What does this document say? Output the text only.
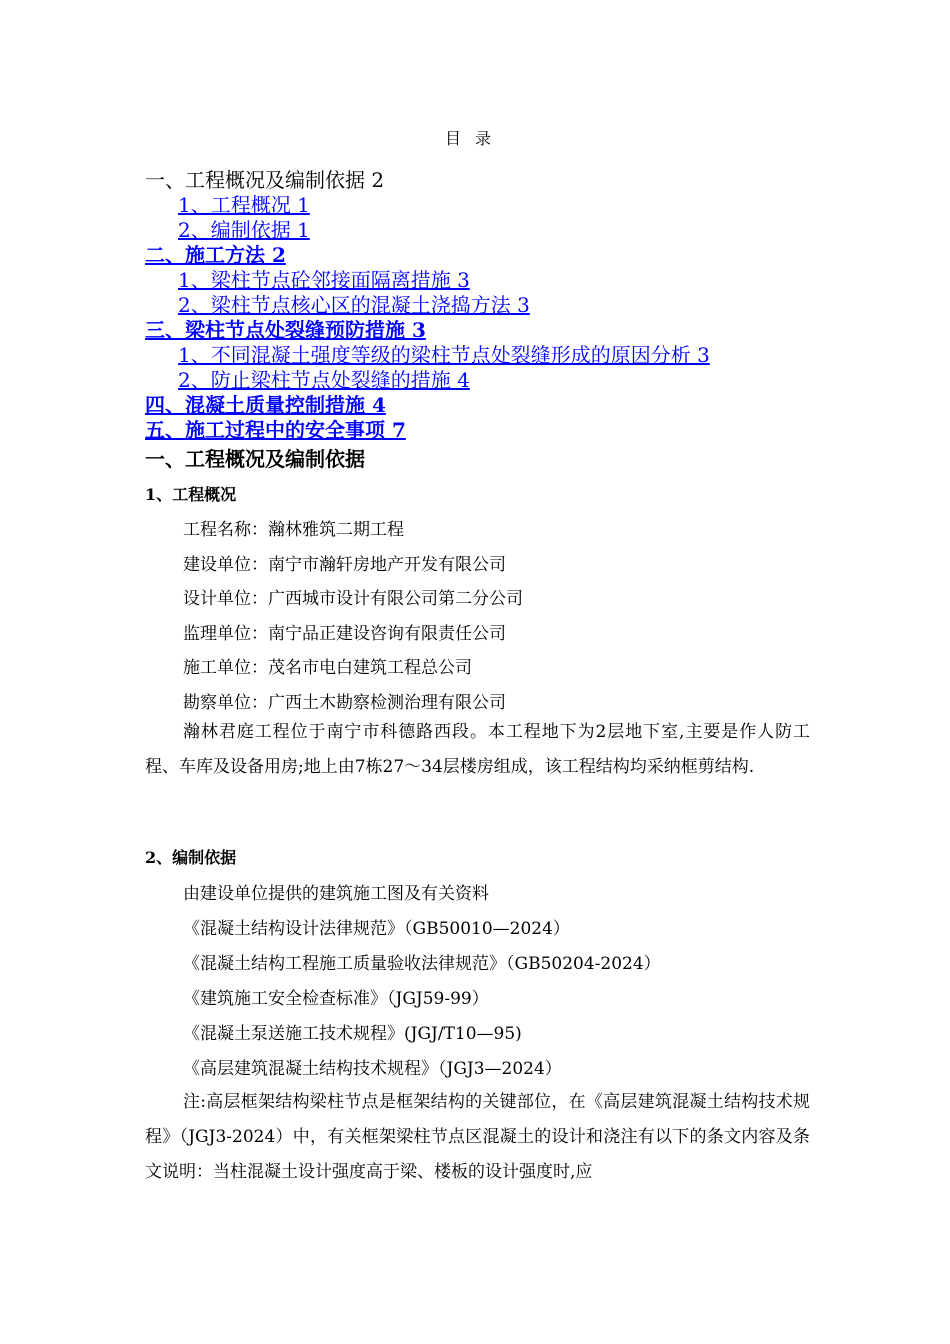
目录
一、工程概况及编制依据 2
1、工程概况 1
2、编制依据 1
二、施工方法 2
1、梁柱节点砼邻接面隔离措施 3
2、梁柱节点核心区的混凝土浇捣方法 3
三、梁柱节点处裂缝预防措施 3
1、不同混凝土强度等级的梁柱节点处裂缝形成的原因分析 3
2、防止梁柱节点处裂缝的措施 4
四、混凝土质量控制措施 4
五、施工过程中的安全事项 7
一、工程概况及编制依据
1、工程概况
工程名称：瀚林雅筑二期工程
建设单位：南宁市瀚轩房地产开发有限公司
设计单位：广西城市设计有限公司第二分公司
监理单位：南宁品正建设咨询有限责任公司
施工单位：茂名市电白建筑工程总公司
勘察单位：广西土木勘察检测治理有限公司
瀚林君庭工程位于南宁市科德路西段。本工程地下为2层地下室,主要是作人防工程、车库及设备用房;地上由7栋27～34层楼房组成，该工程结构均采纳框剪结构.
2、编制依据
由建设单位提供的建筑施工图及有关资料
《混凝土结构设计法律规范》（GB50010—2024）
《混凝土结构工程施工质量验收法律规范》（GB50204-2024）
《建筑施工安全检查标准》（JGJ59-99）
《混凝土泵送施工技术规程》(JGJ/T10—95)
《高层建筑混凝土结构技术规程》（JGJ3—2024）
注:高层框架结构梁柱节点是框架结构的关键部位，在《高层建筑混凝土结构技术规程》（JGJ3-2024）中，有关框架梁柱节点区混凝土的设计和浇注有以下的条文内容及条文说明：当柱混凝土设计强度高于梁、楼板的设计强度时,应
